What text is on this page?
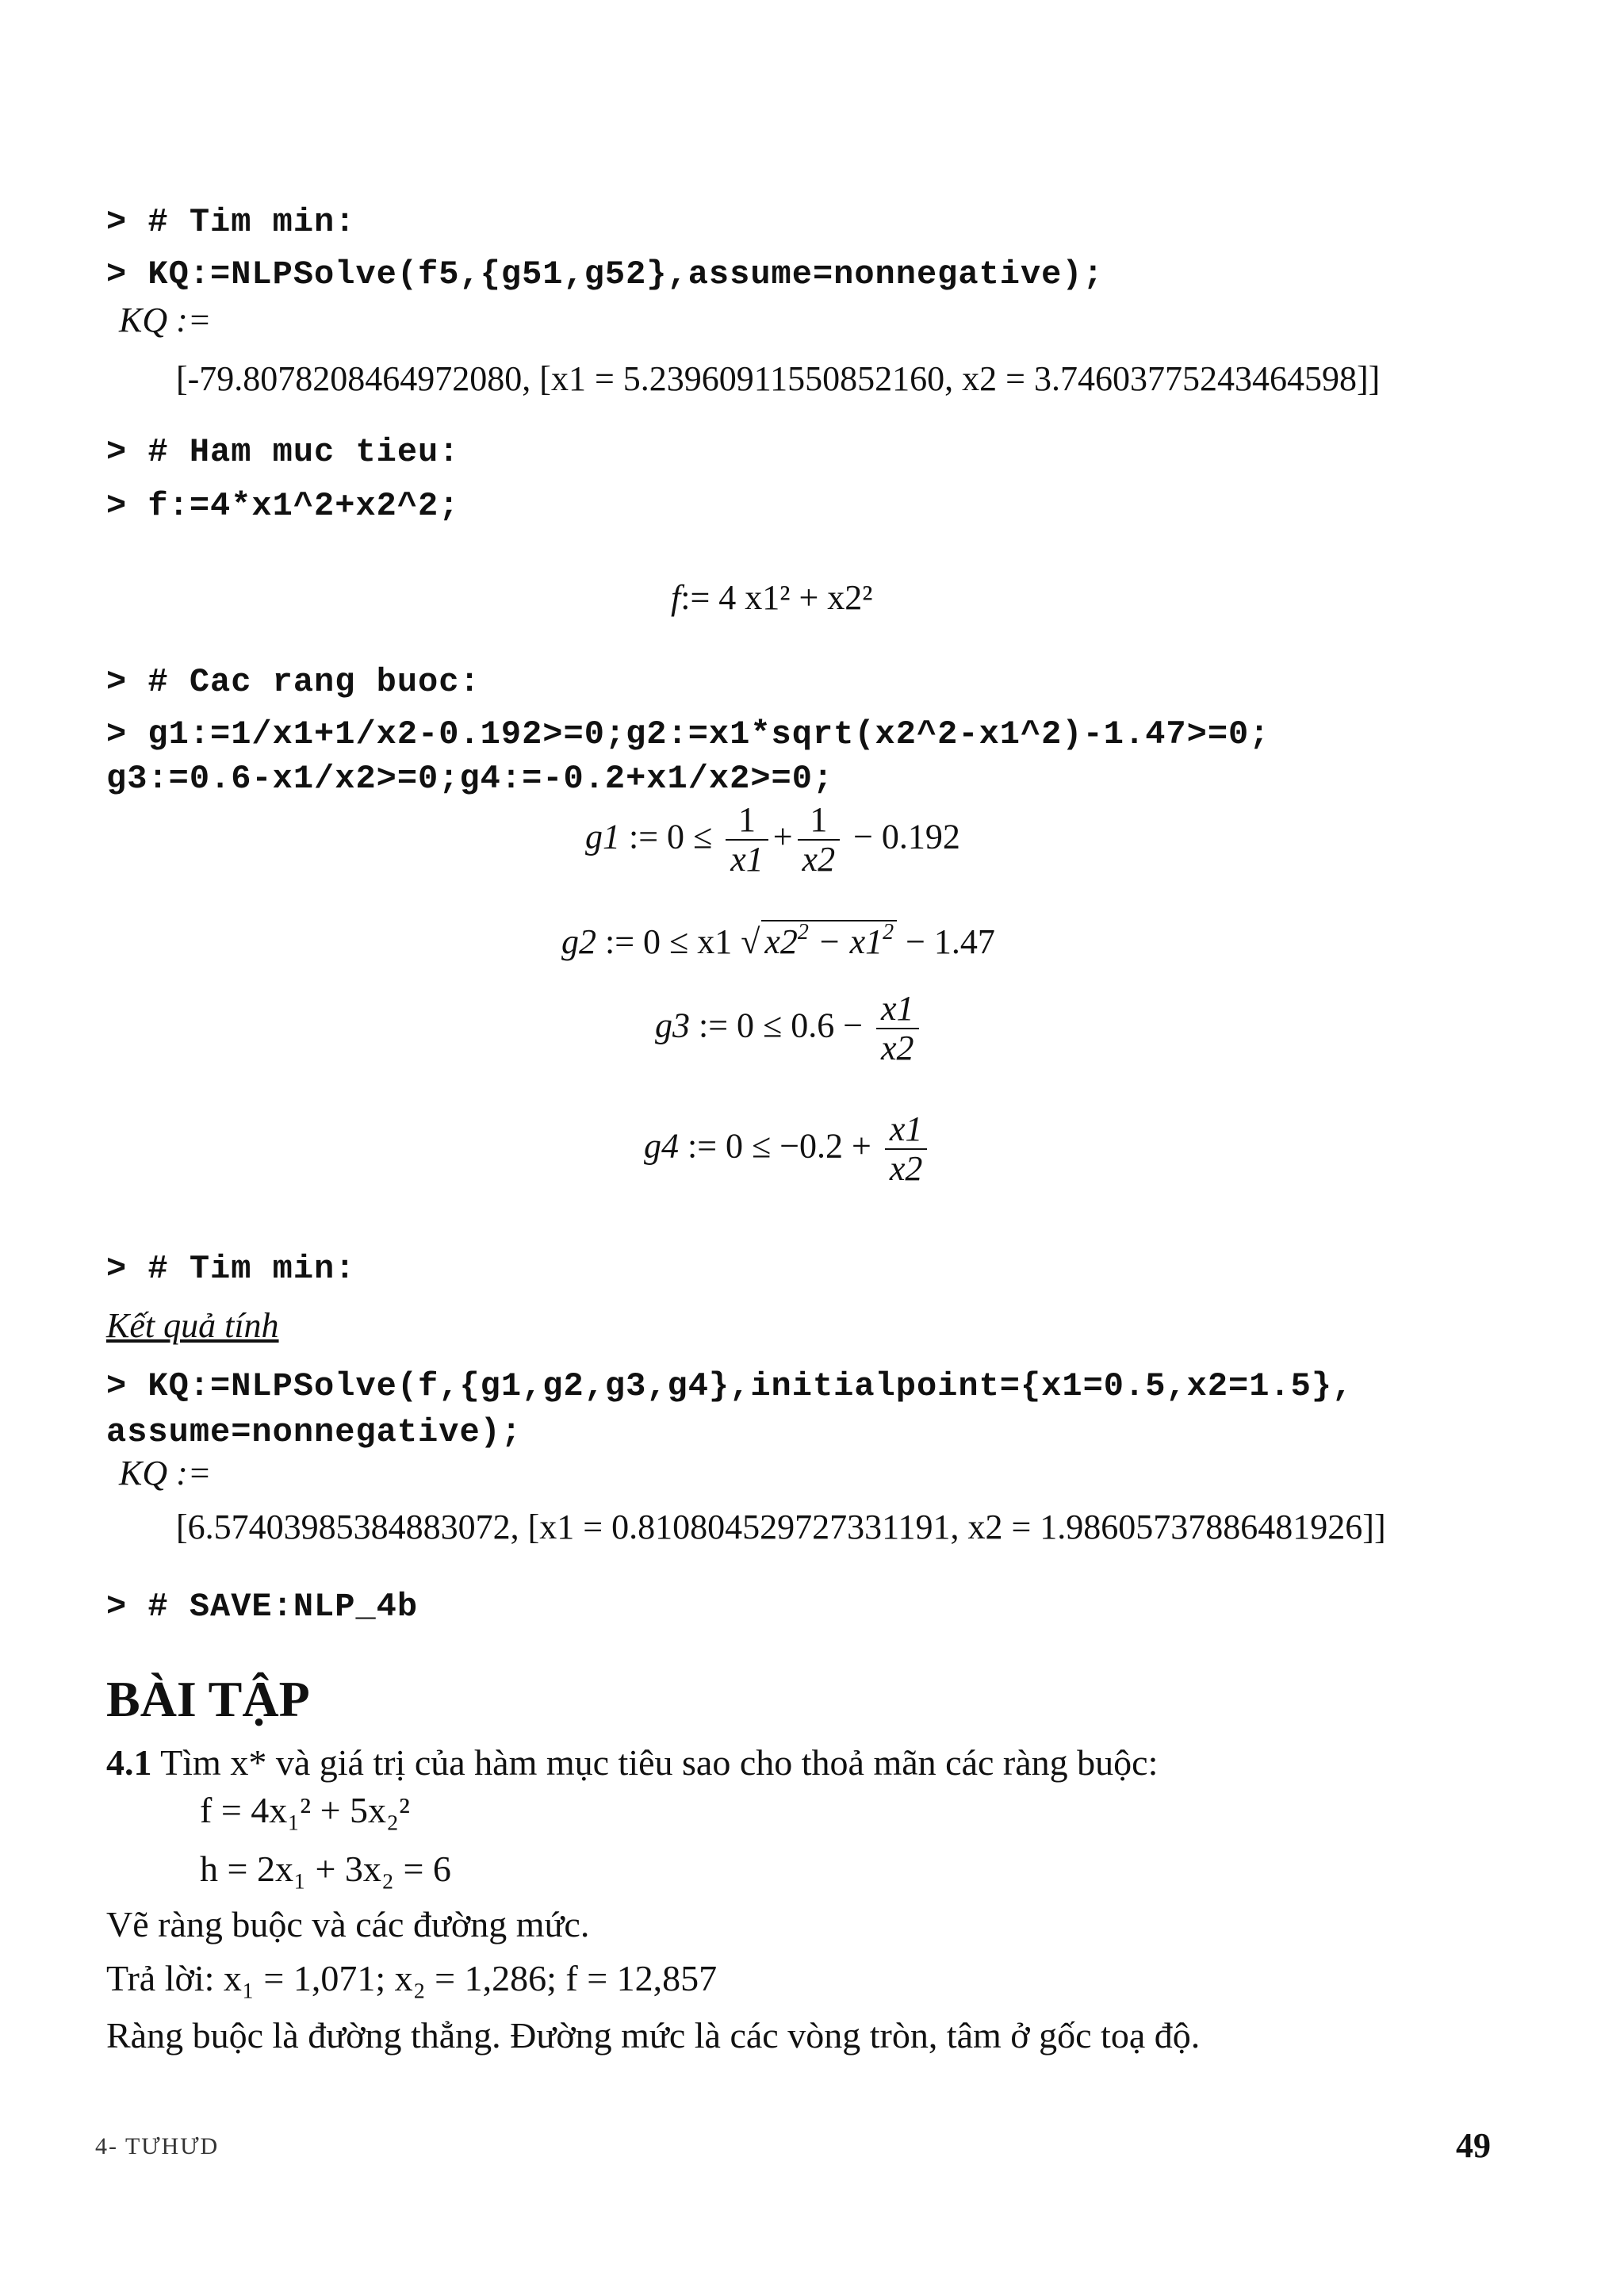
> # Tim min:
> KQ:=NLPSolve(f5,{g51,g52},assume=nonnegative);
KQ :=
[-79.8078208464972080, [x1 = 5.23960911550852160, x2 = 3.74603775243464598]]
> # Ham muc tieu:
> f:=4*x1^2+x2^2;
f:= 4 x1² + x2²
> # Cac rang buoc:
> g1:=1/x1+1/x2-0.192>=0;g2:=x1*sqrt(x2^2-x1^2)-1.47>=0;
g3:=0.6-x1/x2>=0;g4:=-0.2+x1/x2>=0;
g1 := $0 \le \frac{1}{x1} + \frac{1}{x2} - 0.192$
g2 := 0 ≤ x1 √ $x2^2 - x1^2 - 1.47$
g3 := $0 \le 0.6 - \frac{x1}{x2}$
g4 := $0 \le -0.2 + \frac{x1}{x2}$
> # Tim min:
Kết quả tính
> KQ:=NLPSolve(f,{g1,g2,g3,g4},initialpoint={x1=0.5,x2=1.5},
assume=nonnegative);
KQ :=
[6.57403985384883072, [x1 = 0.810804529727331191, x2 = 1.98605737886481926]]
> # SAVE:NLP_4b
BÀI TẬP
4.1 Tìm x* và giá trị của hàm mục tiêu sao cho thoả mãn các ràng buộc:
f = 4x₁² + 5x₂²
h = 2x₁ + 3x₂ = 6
Vẽ ràng buộc và các đường mức.
Trả lời: x₁ = 1,071; x₂ = 1,286; f = 12,857
Ràng buộc là đường thẳng. Đường mức là các vòng tròn, tâm ở gốc toạ độ.
4- TƯHƯD	49
